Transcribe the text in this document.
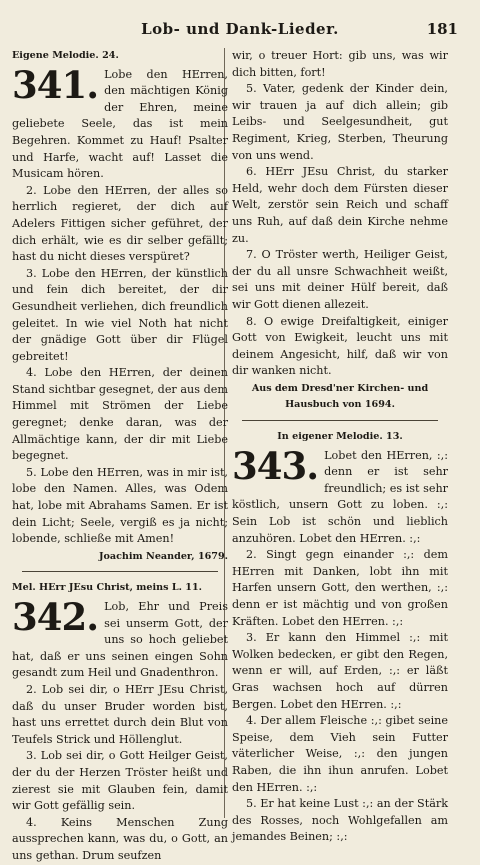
Lob- und Dank-Lieder.	181
Eigene Melodie. 24.
341. Lobe den HErren, den mächtigen König der Ehren, meine geliebete Seele, das ist mein Begehren. Kommet zu Hauf! Psalter und Harfe, wacht auf! Lasset die Musicam hören.

2. Lobe den HErren, der alles so herrlich regieret, der dich auf Adelers Fittigen sicher geführet, der dich erhält, wie es dir selber gefällt; hast du nicht dieses verspüret?

3. Lobe den HErren, der künstlich und fein dich bereitet, der dir Gesundheit verliehen, dich freundlich geleitet. In wie viel Noth hat nicht der gnädige Gott über dir Flügel gebreitet!

4. Lobe den HErren, der deinen Stand sichtbar gesegnet, der aus dem Himmel mit Strömen der Liebe geregnet; denke daran, was der Allmächtige kann, der dir mit Liebe begegnet.

5. Lobe den HErren, was in mir ist, lobe den Namen. Alles, was Odem hat, lobe mit Abrahams Samen. Er ist dein Licht; Seele, vergiß es ja nicht; lobende, schließe mit Amen!

Joachim Neander, 1679.
Mel. HErr JEsu Christ, meins L. 11.
342. Lob, Ehr und Preis sei unserm Gott, der uns so hoch geliebet hat, daß er uns seinen eingen Sohn gesandt zum Heil und Gnadenthron.

2. Lob sei dir, o HErr JEsu Christ, daß du unser Bruder worden bist, hast uns errettet durch dein Blut von Teufels Strick und Höllenglut.

3. Lob sei dir, o Gott Heilger Geist, der du der Herzen Tröster heißt und zierest sie mit Glauben fein, damit wir Gott gefällig sein.

4. Keins Menschen Zung aussprechen kann, was du, o Gott, an uns gethan. Drum seufzen

wir, o treuer Hort: gib uns, was wir dich bitten, fort!

5. Vater, gedenk der Kinder dein, wir trauen ja auf dich allein; gib Leibs- und Seelgesundheit, gut Regiment, Krieg, Sterben, Theurung von uns wend.

6. HErr JEsu Christ, du starker Held, wehr doch dem Fürsten dieser Welt, zerstör sein Reich und schaff uns Ruh, auf daß dein Kirche nehme zu.

7. O Tröster werth, Heiliger Geist, der du all unsre Schwachheit weißt, sei uns mit deiner Hülf bereit, daß wir Gott dienen allezeit.

8. O ewige Dreifaltigkeit, einiger Gott von Ewigkeit, leucht uns mit deinem Angesicht, hilf, daß wir von dir wanken nicht.

Aus dem Dresd'ner Kirchen- und Hausbuch von 1694.
In eigener Melodie. 13.
343. Lobet den HErren, :,: denn er ist sehr freundlich; es ist sehr köstlich, unsern Gott zu loben. :,: Sein Lob ist schön und lieblich anzuhören. Lobet den HErren. :,:

2. Singt gegn einander :,: dem HErren mit Danken, lobt ihn mit Harfen unsern Gott, den werthen, :,: denn er ist mächtig und von großen Kräften. Lobet den HErren. :,:

3. Er kann den Himmel :,: mit Wolken bedecken, er gibt den Regen, wenn er will, auf Erden, :,: er läßt Gras wachsen hoch auf dürren Bergen. Lobet den HErren. :,:

4. Der allem Fleische :,: gibet seine Speise, dem Vieh sein Futter väterlicher Weise, :,: den jungen Raben, die ihn ihun anrufen. Lobet den HErren. :,:

5. Er hat keine Lust :,: an der Stärk des Rosses, noch Wohlgefallen am jemandes Beinen; :,:
